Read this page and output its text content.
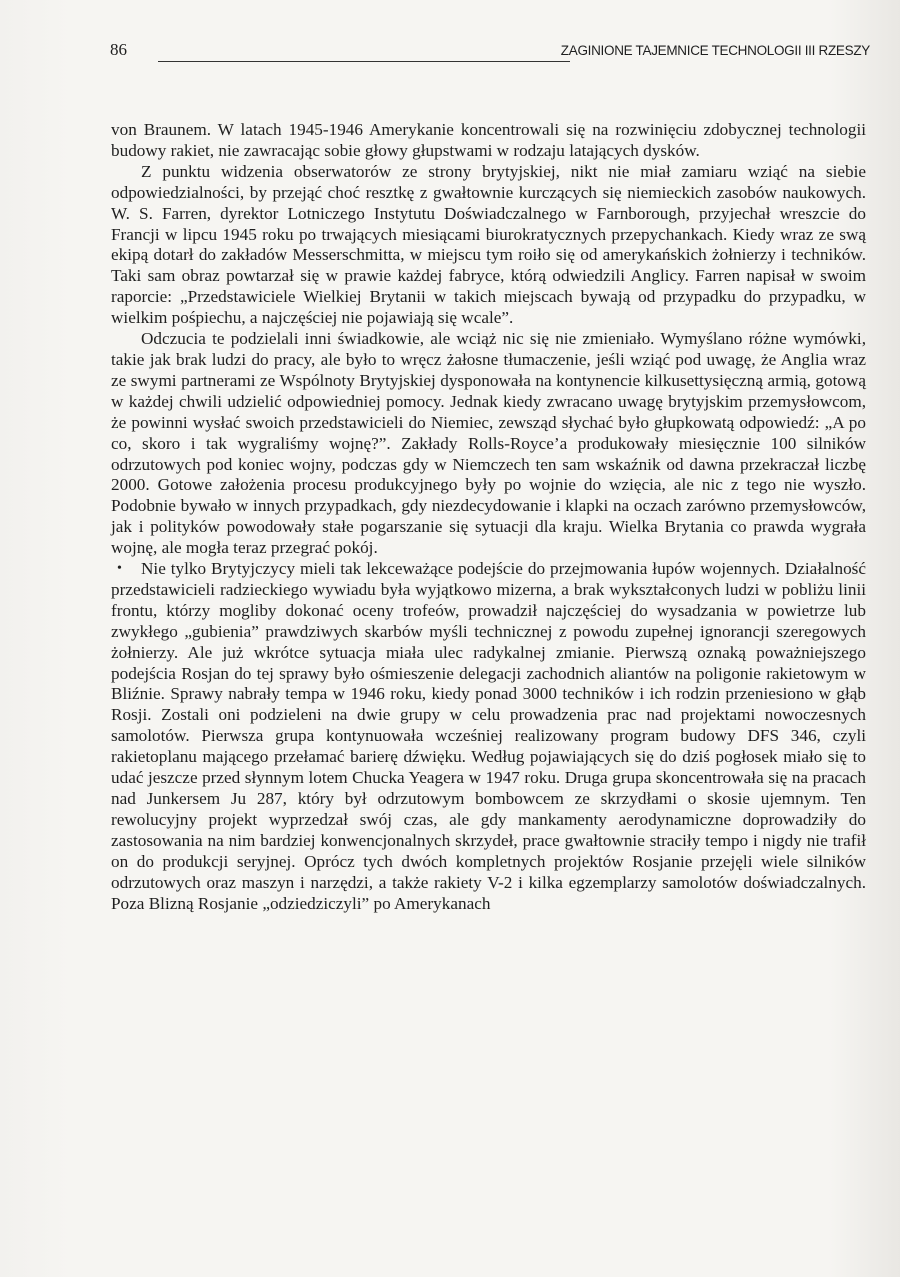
86	ZAGINIONE TAJEMNICE TECHNOLOGII III RZESZY

von Braunem. W latach 1945-1946 Amerykanie koncentrowali się na rozwinięciu zdobycznej technologii budowy rakiet, nie zawracając sobie głowy głupstwami w rodzaju latających dysków.

Z punktu widzenia obserwatorów ze strony brytyjskiej, nikt nie miał zamiaru wziąć na siebie odpowiedzialności, by przejąć choć resztkę z gwałtownie kurczących się niemieckich zasobów naukowych. W. S. Farren, dyrektor Lotniczego Instytutu Doświadczalnego w Farnborough, przyjechał wreszcie do Francji w lipcu 1945 roku po trwających miesiącami biurokratycznych przepychankach. Kiedy wraz ze swą ekipą dotarł do zakładów Messerschmitta, w miejscu tym roiło się od amerykańskich żołnierzy i techników. Taki sam obraz powtarzał się w prawie każdej fabryce, którą odwiedzili Anglicy. Farren napisał w swoim raporcie: „Przedstawiciele Wielkiej Brytanii w takich miejscach bywają od przypadku do przypadku, w wielkim pośpiechu, a najczęściej nie pojawiają się wcale”.

Odczucia te podzielali inni świadkowie, ale wciąż nic się nie zmieniało. Wymyślano różne wymówki, takie jak brak ludzi do pracy, ale było to wręcz żałosne tłumaczenie, jeśli wziąć pod uwagę, że Anglia wraz ze swymi partnerami ze Wspólnoty Brytyjskiej dysponowała na kontynencie kilkusettysięczną armią, gotową w każdej chwili udzielić odpowiedniej pomocy. Jednak kiedy zwracano uwagę brytyjskim przemysłowcom, że powinni wysłać swoich przedstawicieli do Niemiec, zewsząd słychać było głupkowatą odpowiedź: „A po co, skoro i tak wygraliśmy wojnę?”. Zakłady Rolls-Royce’a produkowały miesięcznie 100 silników odrzutowych pod koniec wojny, podczas gdy w Niemczech ten sam wskaźnik od dawna przekraczał liczbę 2000. Gotowe założenia procesu produkcyjnego były po wojnie do wzięcia, ale nic z tego nie wyszło. Podobnie bywało w innych przypadkach, gdy niezdecydowanie i klapki na oczach zarówno przemysłowców, jak i polityków powodowały stałe pogarszanie się sytuacji dla kraju. Wielka Brytania co prawda wygrała wojnę, ale mogła teraz przegrać pokój.

• Nie tylko Brytyjczycy mieli tak lekceważące podejście do przejmowania łupów wojennych. Działalność przedstawicieli radzieckiego wywiadu była wyjątkowo mizerna, a brak wykształconych ludzi w pobliżu linii frontu, którzy mogliby dokonać oceny trofeów, prowadził najczęściej do wysadzania w powietrze lub zwykłego „gubienia” prawdziwych skarbów myśli technicznej z powodu zupełnej ignorancji szeregowych żołnierzy. Ale już wkrótce sytuacja miała ulec radykalnej zmianie. Pierwszą oznaką poważniejszego podejścia Rosjan do tej sprawy było ośmieszenie delegacji zachodnich aliantów na poligonie rakietowym w Bliźnie. Sprawy nabrały tempa w 1946 roku, kiedy ponad 3000 techników i ich rodzin przeniesiono w głąb Rosji. Zostali oni podzieleni na dwie grupy w celu prowadzenia prac nad projektami nowoczesnych samolotów. Pierwsza grupa kontynuowała wcześniej realizowany program budowy DFS 346, czyli rakietoplanu mającego przełamać barierę dźwięku. Według pojawiających się do dziś pogłosek miało się to udać jeszcze przed słynnym lotem Chucka Yeagera w 1947 roku. Druga grupa skoncentrowała się na pracach nad Junkersem Ju 287, który był odrzutowym bombowcem ze skrzydłami o skosie ujemnym. Ten rewolucyjny projekt wyprzedzał swój czas, ale gdy mankamenty aerodynamiczne doprowadziły do zastosowania na nim bardziej konwencjonalnych skrzydeł, prace gwałtownie straciły tempo i nigdy nie trafił on do produkcji seryjnej. Oprócz tych dwóch kompletnych projektów Rosjanie przejęli wiele silników odrzutowych oraz maszyn i narzędzi, a także rakiety V-2 i kilka egzemplarzy samolotów doświadczalnych. Poza Blizną Rosjanie „odziedziczyli” po Amerykanach
